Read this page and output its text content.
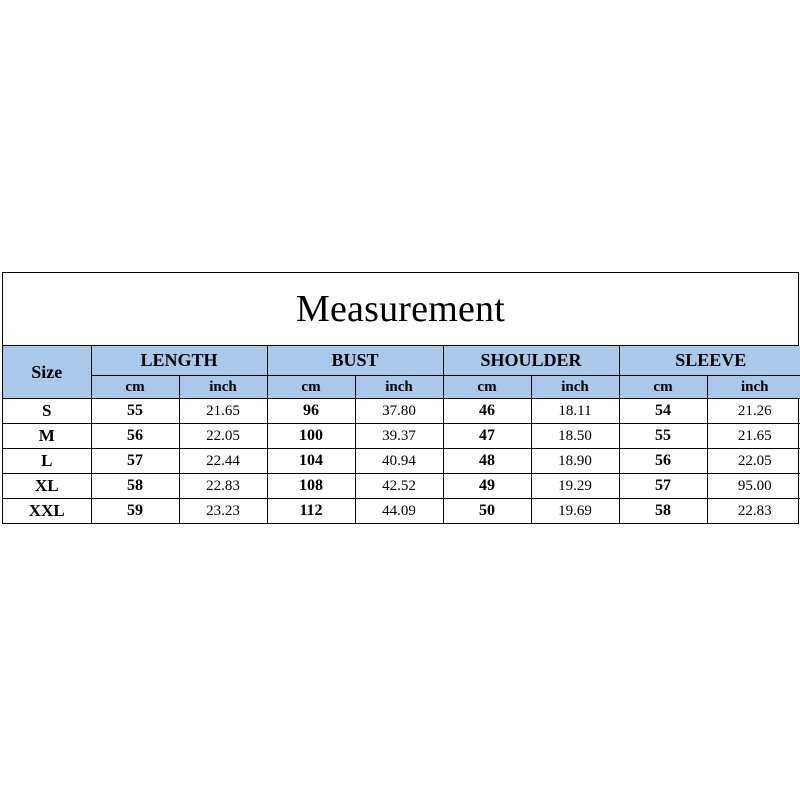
Measurement
Size	LENGTH		BUST		SHOULDER		SLEEVE	
	cm	inch	cm	inch	cm	inch	cm	inch
S	55	21.65	96	37.80	46	18.11	54	21.26
M	56	22.05	100	39.37	47	18.50	55	21.65
L	57	22.44	104	40.94	48	18.90	56	22.05
XL	58	22.83	108	42.52	49	19.29	57	95.00
XXL	59	23.23	112	44.09	50	19.69	58	22.83
